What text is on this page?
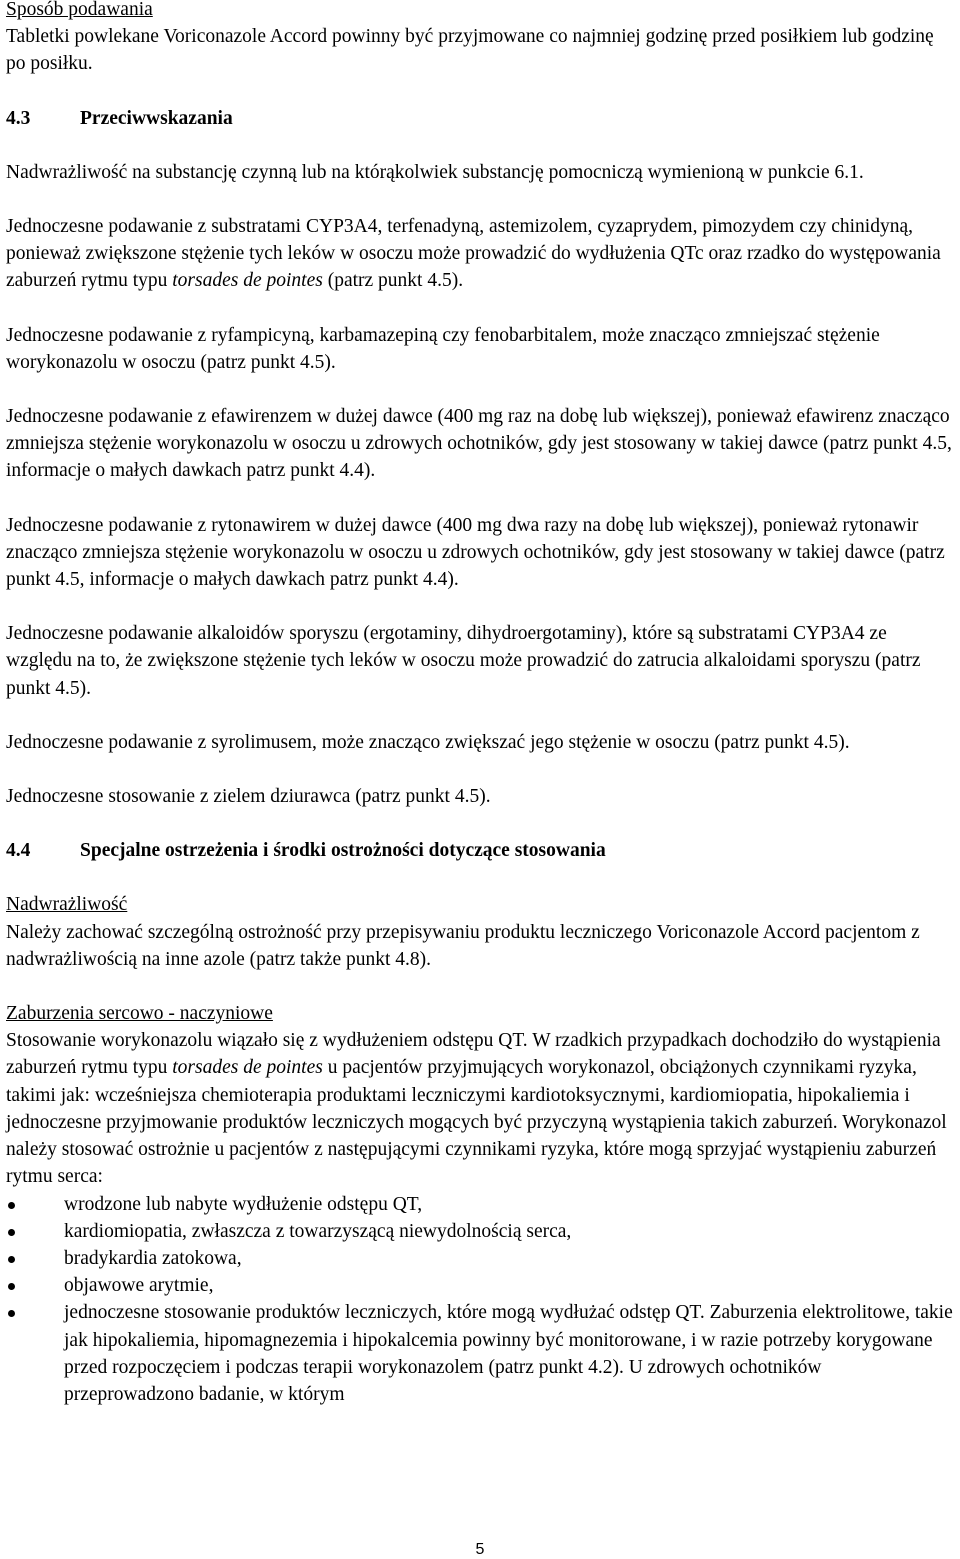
Sposób podawania

Tabletki powlekane Voriconazole Accord powinny być przyjmowane co najmniej godzinę przed posiłkiem lub godzinę po posiłku.

4.3	Przeciwwskazania

Nadwrażliwość na substancję czynną lub na którąkolwiek substancję pomocniczą wymienioną w punkcie 6.1.

Jednoczesne podawanie z substratami CYP3A4, terfenadyną, astemizolem, cyzaprydem, pimozydem czy chinidyną, ponieważ zwiększone stężenie tych leków w osoczu może prowadzić do wydłużenia QTc oraz rzadko do występowania zaburzeń rytmu typu torsades de pointes (patrz punkt 4.5).

Jednoczesne podawanie z ryfampicyną, karbamazepiną czy fenobarbitalem, może znacząco zmniejszać stężenie worykonazolu w osoczu (patrz punkt 4.5).

Jednoczesne podawanie z efawirenzem w dużej dawce (400 mg raz na dobę lub większej), ponieważ efawirenz znacząco zmniejsza stężenie worykonazolu w osoczu u zdrowych ochotników, gdy jest stosowany w takiej dawce (patrz punkt 4.5, informacje o małych dawkach patrz punkt 4.4).

Jednoczesne podawanie z rytonawirem w dużej dawce (400 mg dwa razy na dobę lub większej), ponieważ rytonawir znacząco zmniejsza stężenie worykonazolu w osoczu u zdrowych ochotników, gdy jest stosowany w takiej dawce (patrz punkt 4.5, informacje o małych dawkach patrz punkt 4.4).

Jednoczesne podawanie alkaloidów sporyszu (ergotaminy, dihydroergotaminy), które są substratami CYP3A4 ze względu na to, że zwiększone stężenie tych leków w osoczu może prowadzić do zatrucia alkaloidami sporyszu (patrz punkt 4.5).

Jednoczesne podawanie z syrolimusem, może znacząco zwiększać jego stężenie w osoczu (patrz punkt 4.5).

Jednoczesne stosowanie z zielem dziurawca (patrz punkt 4.5).

4.4	Specjalne ostrzeżenia i środki ostrożności dotyczące stosowania

Nadwrażliwość

Należy zachować szczególną ostrożność przy przepisywaniu produktu leczniczego Voriconazole Accord pacjentom z nadwrażliwością na inne azole (patrz także punkt 4.8).

Zaburzenia sercowo - naczyniowe

Stosowanie worykonazolu wiązało się z wydłużeniem odstępu QT. W rzadkich przypadkach dochodziło do wystąpienia zaburzeń rytmu typu torsades de pointes u pacjentów przyjmujących worykonazol, obciążonych czynnikami ryzyka, takimi jak: wcześniejsza chemioterapia produktami leczniczymi kardiotoksycznymi, kardiomiopatia, hipokaliemia i jednoczesne przyjmowanie produktów leczniczych mogących być przyczyną wystąpienia takich zaburzeń. Worykonazol należy stosować ostrożnie u pacjentów z następującymi czynnikami ryzyka, które mogą sprzyjać wystąpieniu zaburzeń rytmu serca:

wrodzone lub nabyte wydłużenie odstępu QT,
kardiomiopatia, zwłaszcza z towarzyszącą niewydolnością serca,
bradykardia zatokowa,
objawowe arytmie,
jednoczesne stosowanie produktów leczniczych, które mogą wydłużać odstęp QT. Zaburzenia elektrolitowe, takie jak hipokaliemia, hipomagnezemia i hipokalcemia powinny być monitorowane, i w razie potrzeby korygowane przed rozpoczęciem i podczas terapii worykonazolem (patrz punkt 4.2). U zdrowych ochotników przeprowadzono badanie, w którym
5
